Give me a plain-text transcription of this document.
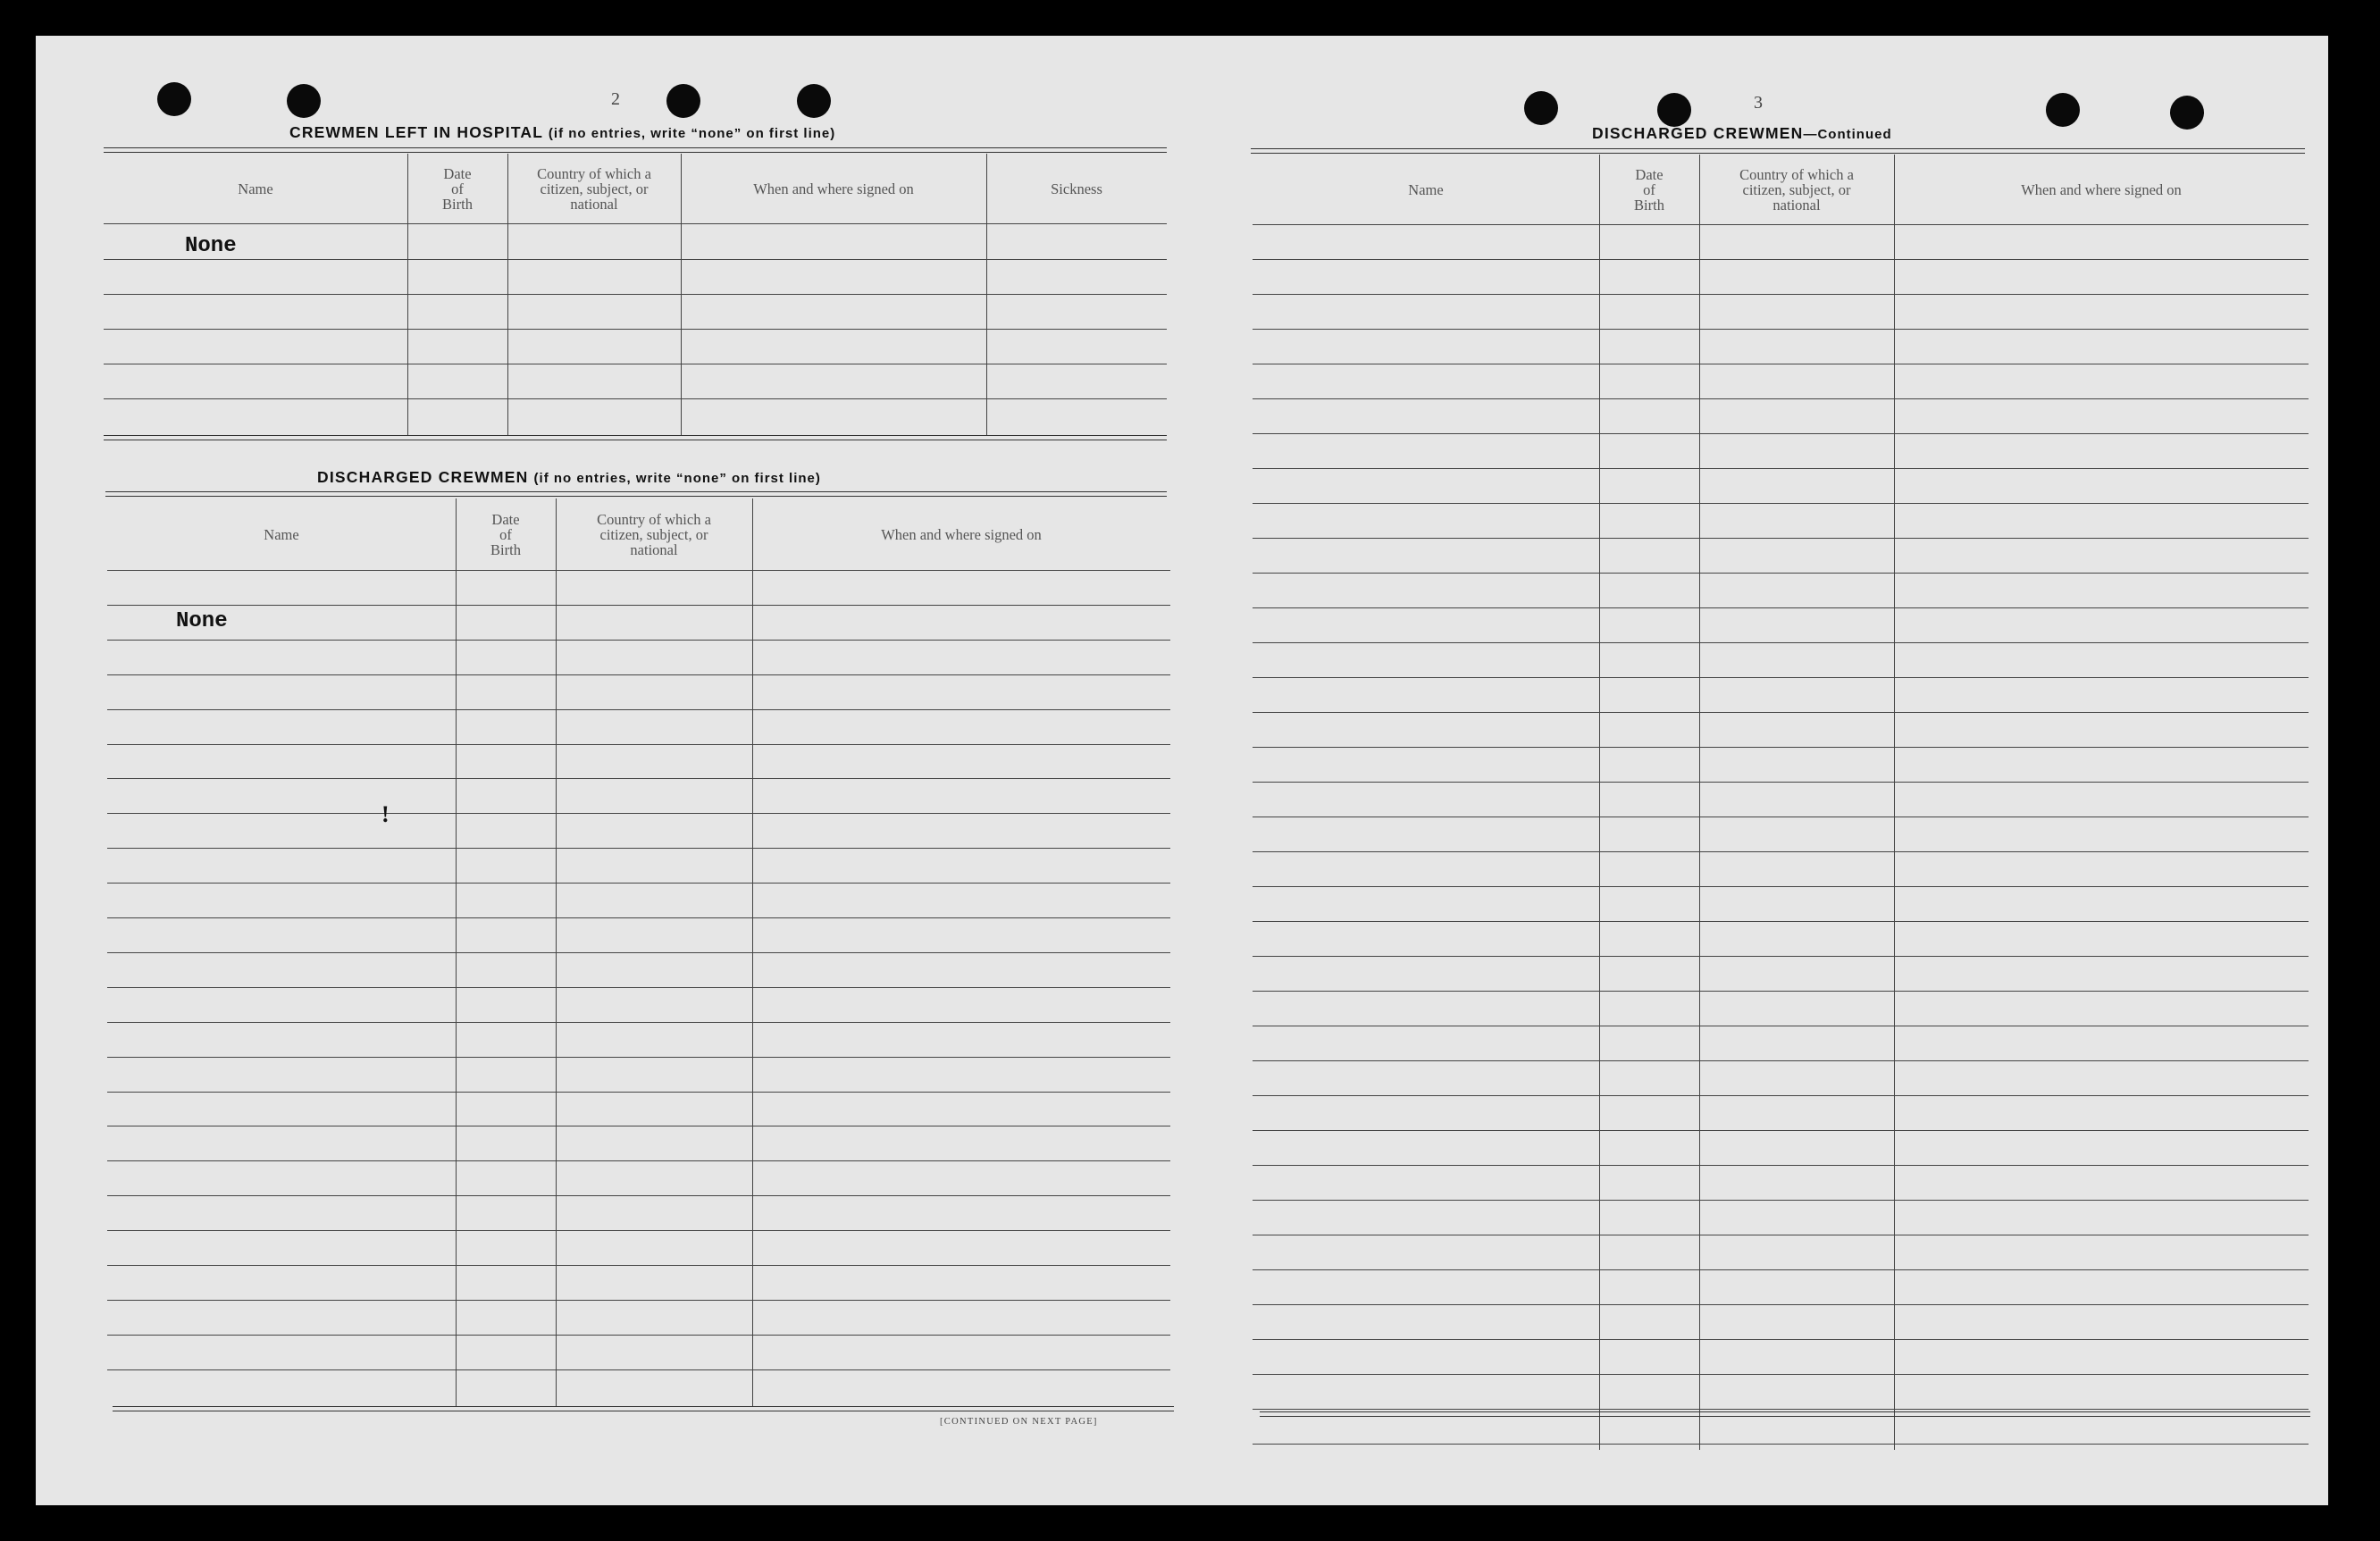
2	3
CREWMEN LEFT IN HOSPITAL (if no entries, write “none” on first line)
Name
Date
of
Birth
Country of which a
citizen, subject, or
national
When and where signed on	Sickness
None
DISCHARGED CREWMEN (if no entries, write “none” on first line)
Name
Date
of
Birth
Country of which a
citizen, subject, or
national
When and where signed on
None
!
[CONTINUED ON NEXT PAGE]
DISCHARGED CREWMEN—Continued
Name
Date
of
Birth
Country of which a
citizen, subject, or
national
When and where signed on
